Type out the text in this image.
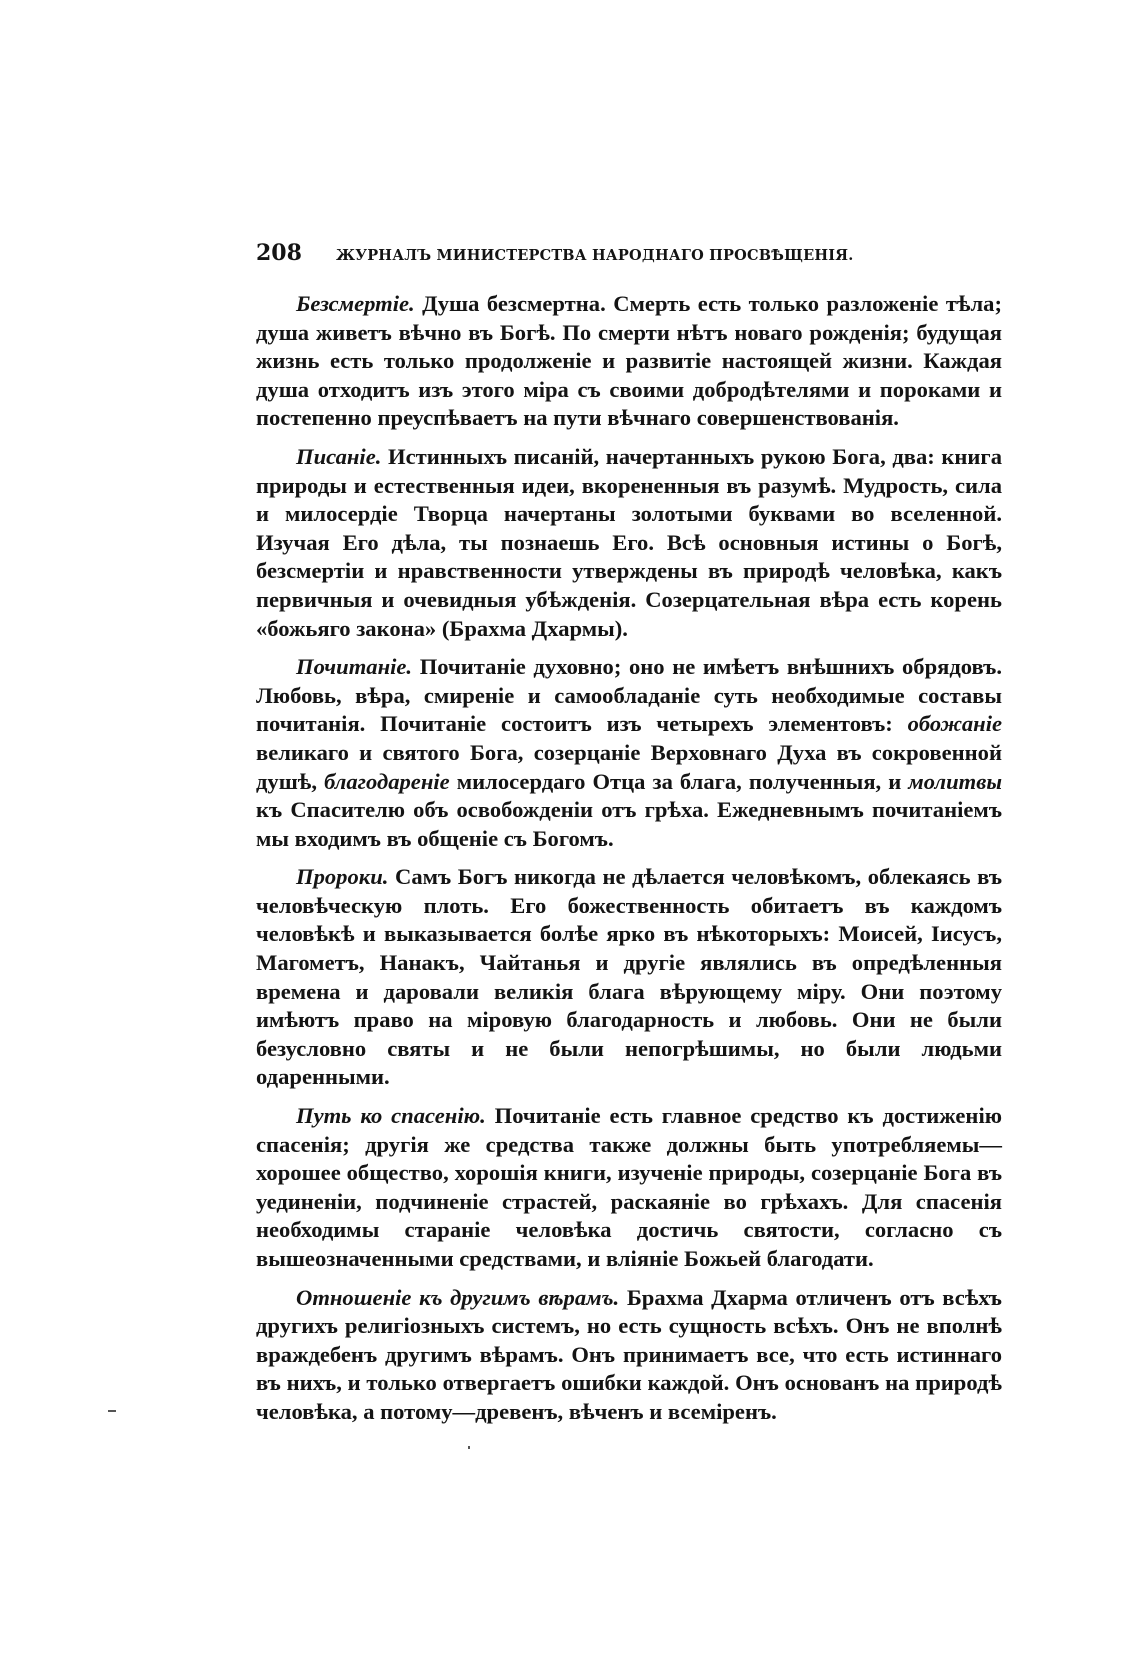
208	ЖУРНАЛЪ МИНИСТЕРСТВА НАРОДНАГО ПРОСВѢЩЕНІЯ.

Безсмертіе. Душа безсмертна. Смерть есть только разложеніе тѣла; душа живетъ вѣчно въ Богѣ. По смерти нѣтъ новаго рожденія; будущая жизнь есть только продолженіе и развитіе настоящей жизни. Каждая душа отходитъ изъ этого міра съ своими добродѣтелями и пороками и постепенно преуспѣваетъ на пути вѣчнаго совершенствованія.

Писаніе. Истинныхъ писаній, начертанныхъ рукою Бога, два: книга природы и естественныя идеи, вкорененныя въ разумѣ. Мудрость, сила и милосердіе Творца начертаны золотыми буквами во вселенной. Изучая Его дѣла, ты познаешь Его. Всѣ основныя истины о Богѣ, безсмертіи и нравственности утверждены въ природѣ человѣка, какъ первичныя и очевидныя убѣжденія. Созерцательная вѣра есть корень «божьяго закона» (Брахма Дхармы).

Почитаніе. Почитаніе духовно; оно не имѣетъ внѣшнихъ обрядовъ. Любовь, вѣра, смиреніе и самообладаніе суть необходимые составы почитанія. Почитаніе состоитъ изъ четырехъ элементовъ: обожаніе великаго и святого Бога, созерцаніе Верховнаго Духа въ сокровенной душѣ, благодареніе милосердаго Отца за блага, полученныя, и молитвы къ Спасителю объ освобожденіи отъ грѣха. Ежедневнымъ почитаніемъ мы входимъ въ общеніе съ Богомъ.

Пророки. Самъ Богъ никогда не дѣлается человѣкомъ, облекаясь въ человѣческую плоть. Его божественность обитаетъ въ каждомъ человѣкѣ и выказывается болѣе ярко въ нѣкоторыхъ: Моисей, Іисусъ, Магометъ, Нанакъ, Чайтанья и другіе являлись въ опредѣленныя времена и даровали великія блага вѣрующему міру. Они поэтому имѣютъ право на міровую благодарность и любовь. Они не были безусловно святы и не были непогрѣшимы, но были людьми одаренными.

Путь ко спасенію. Почитаніе есть главное средство къ достиженію спасенія; другія же средства также должны быть употребляемы— хорошее общество, хорошія книги, изученіе природы, созерцаніе Бога въ уединеніи, подчиненіе страстей, раскаяніе во грѣхахъ. Для спасенія необходимы стараніе человѣка достичь святости, согласно съ вышеозначенными средствами, и вліяніе Божьей благодати.

Отношеніе къ другимъ вѣрамъ. Брахма Дхарма отличенъ отъ всѣхъ другихъ религіозныхъ системъ, но есть сущность всѣхъ. Онъ не вполнѣ враждебенъ другимъ вѣрамъ. Онъ принимаетъ все, что есть истиннаго въ нихъ, и только отвергаетъ ошибки каждой. Онъ основанъ на природѣ человѣка, а потому—древенъ, вѣченъ и всеміренъ.
